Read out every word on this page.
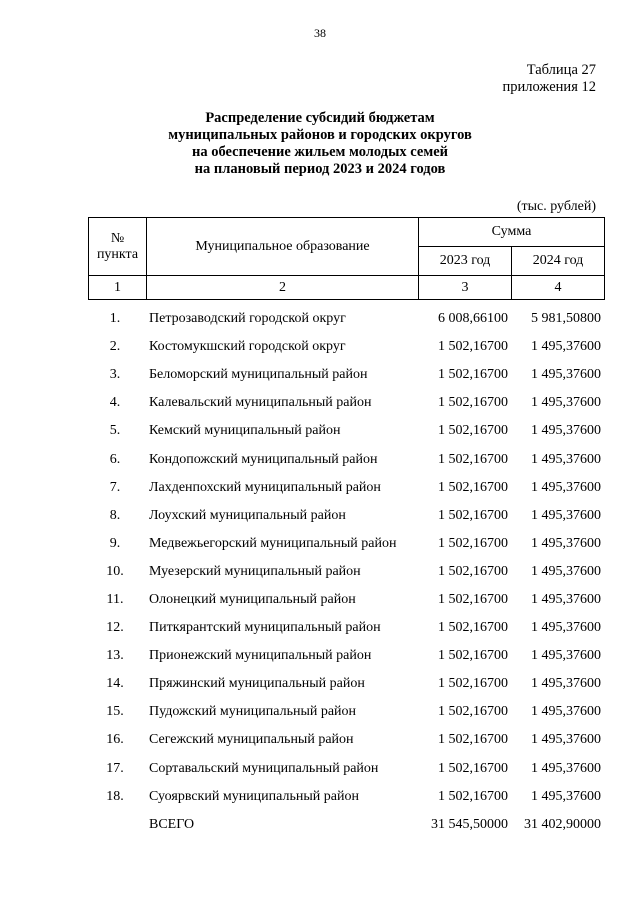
38
Таблица 27
приложения 12
Распределение субсидий бюджетам
муниципальных районов и городских округов
на обеспечение жильем молодых семей
на плановый период 2023 и 2024 годов
(тыс. рублей)
№ пункта	Муниципальное образование	Сумма	
		2023 год	2024 год
1	2	3	4
1.	Петрозаводский городской округ	6 008,66100	5 981,50800
2.	Костомукшский городской округ	1 502,16700	1 495,37600
3.	Беломорский муниципальный район	1 502,16700	1 495,37600
4.	Калевальский муниципальный район	1 502,16700	1 495,37600
5.	Кемский муниципальный район	1 502,16700	1 495,37600
6.	Кондопожский муниципальный район	1 502,16700	1 495,37600
7.	Лахденпохский муниципальный район	1 502,16700	1 495,37600
8.	Лоухский муниципальный район	1 502,16700	1 495,37600
9.	Медвежьегорский муниципальный район	1 502,16700	1 495,37600
10.	Муезерский муниципальный район	1 502,16700	1 495,37600
11.	Олонецкий муниципальный район	1 502,16700	1 495,37600
12.	Питкярантский муниципальный район	1 502,16700	1 495,37600
13.	Прионежский муниципальный район	1 502,16700	1 495,37600
14.	Пряжинский муниципальный район	1 502,16700	1 495,37600
15.	Пудожский муниципальный район	1 502,16700	1 495,37600
16.	Сегежский муниципальный район	1 502,16700	1 495,37600
17.	Сортавальский муниципальный район	1 502,16700	1 495,37600
18.	Суоярвский муниципальный район	1 502,16700	1 495,37600
	ВСЕГО	31 545,50000	31 402,90000
